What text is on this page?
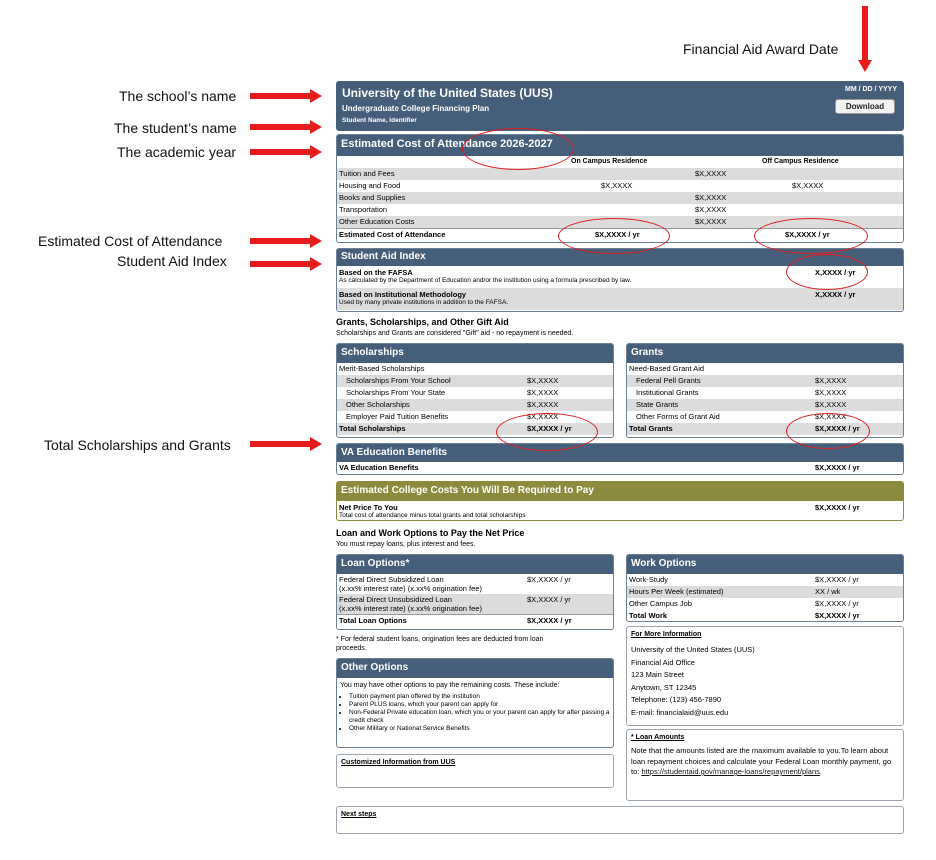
Financial Aid Award Date
The school’s name
The student’s name
The academic year
Estimated Cost of Attendance
Student Aid Index
Total Scholarships and Grants
University of the United States (UUS)
Undergraduate College Financing Plan
Student Name, Identifier
MM / DD / YYYY
Download
Estimated Cost of Attendance 2026-2027
On Campus Residence	Off Campus Residence
Tuition and Fees	$X,XXXX
Housing and Food	$X,XXXX	$X,XXXX
Books and Supplies	$X,XXXX
Transportation	$X,XXXX
Other Education Costs	$X,XXXX
Estimated Cost of Attendance	$X,XXXX / yr	$X,XXXX / yr
Student Aid Index
Based on the FAFSA
As calculated by the Department of Education and/or the institution using a formula prescribed by law.
X,XXXX / yr
Based on Institutional Methodology
Used by many private institutions in addition to the FAFSA.
X,XXXX / yr
Grants, Scholarships, and Other Gift Aid
Scholarships and Grants are considered "Gift" aid - no repayment is needed.
Scholarships
Merit-Based Scholarships
Scholarships From Your School	$X,XXXX
Scholarships From Your State	$X,XXXX
Other Scholarships	$X,XXXX
Employer Paid Tuition Benefits	$X,XXXX
Total Scholarships	$X,XXXX / yr
Grants
Need-Based Grant Aid
Federal Pell Grants	$X,XXXX
Institutional Grants	$X,XXXX
State Grants	$X,XXXX
Other Forms of Grant Aid	$X,XXXX
Total Grants	$X,XXXX / yr
VA Education Benefits
VA Education Benefits	$X,XXXX / yr
Estimated College Costs You Will Be Required to Pay
Net Price To You
Total cost of attendance minus total grants and total scholarships
$X,XXXX / yr
Loan and Work Options to Pay the Net Price
You must repay loans, plus interest and fees.
Loan Options*
Federal Direct Subsidized Loan
(x.xx% interest rate) (x.xx% origination fee)
$X,XXXX / yr
Federal Direct Unsubsidized Loan
(x.xx% interest rate) (x.xx% origination fee)
$X,XXXX / yr
Total Loan Options	$X,XXXX / yr
* For federal student loans, origination fees are deducted from loan
proceeds.
Work Options
Work-Study	$X,XXXX / yr
Hours Per Week (estimated)	XX / wk
Other Campus Job	$X,XXXX / yr
Total Work	$X,XXXX / yr
For More Information
University of the United States (UUS)
Financial Aid Office
123 Main Street
Anytown, ST 12345
Telephone: (123) 456-7890
E-mail: financialaid@uus.edu
Other Options
You may have other options to pay the remaining costs. These include:
• Tuition payment plan offered by the institution
• Parent PLUS loans, which your parent can apply for
• Non-Federal Private education loan, which you or your parent can apply for after passing a credit check
• Other Military or National Service Benefits
* Loan Amounts
Note that the amounts listed are the maximum available to you.To learn about loan repayment choices and calculate your Federal Loan monthly payment, go to: https://studentaid.gov/manage-loans/repayment/plans.
Customized Information from UUS
Next steps
